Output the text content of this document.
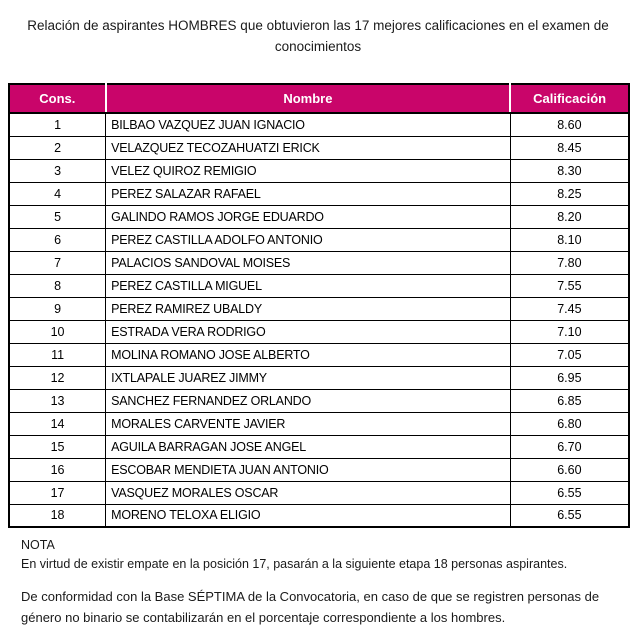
Relación de aspirantes HOMBRES que obtuvieron las 17 mejores calificaciones en el examen de conocimientos
Cons.	Nombre	Calificación
1	BILBAO VAZQUEZ JUAN IGNACIO	8.60
2	VELAZQUEZ TECOZAHUATZI ERICK	8.45
3	VELEZ QUIROZ REMIGIO	8.30
4	PEREZ SALAZAR RAFAEL	8.25
5	GALINDO RAMOS JORGE EDUARDO	8.20
6	PEREZ CASTILLA ADOLFO ANTONIO	8.10
7	PALACIOS SANDOVAL MOISES	7.80
8	PEREZ CASTILLA MIGUEL	7.55
9	PEREZ RAMIREZ UBALDY	7.45
10	ESTRADA VERA RODRIGO	7.10
11	MOLINA ROMANO JOSE ALBERTO	7.05
12	IXTLAPALE JUAREZ JIMMY	6.95
13	SANCHEZ FERNANDEZ ORLANDO	6.85
14	MORALES CARVENTE JAVIER	6.80
15	AGUILA BARRAGAN JOSE ANGEL	6.70
16	ESCOBAR MENDIETA JUAN ANTONIO	6.60
17	VASQUEZ MORALES OSCAR	6.55
18	MORENO TELOXA ELIGIO	6.55
NOTA
En virtud de existir empate en la posición 17, pasarán a la siguiente etapa 18 personas aspirantes.
De conformidad con la Base SÉPTIMA de la Convocatoria, en caso de que se registren personas de género no binario se contabilizarán en el porcentaje correspondiente a los hombres.
